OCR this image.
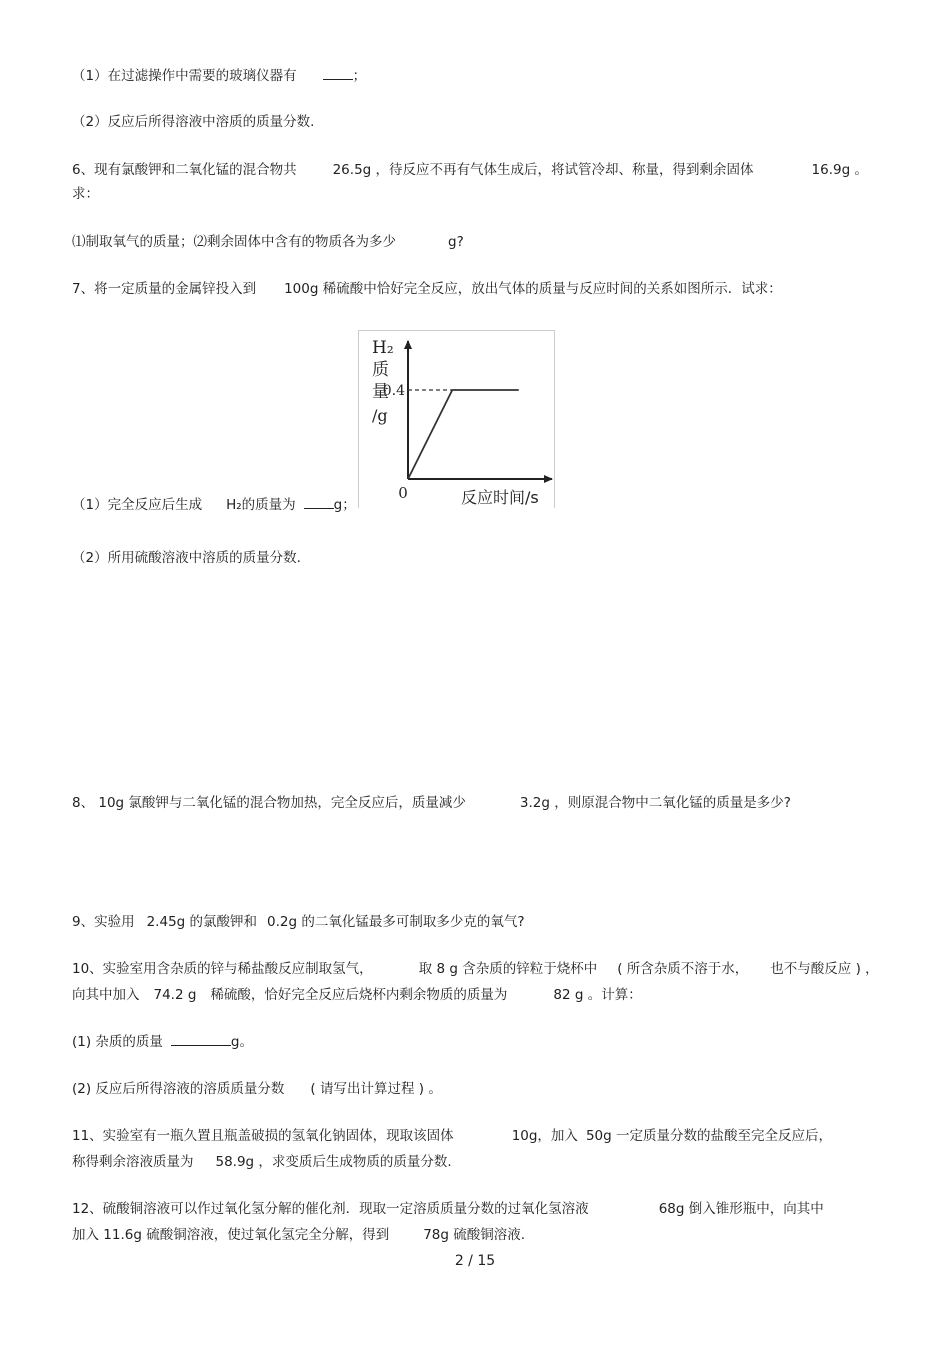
（1）在过滤操作中需要的玻璃仪器有	；
（2）反应后所得溶液中溶质的质量分数.
6、现有氯酸钾和二氧化锰的混合物共	26.5g ，待反应不再有气体生成后，将试管冷却、称量，得到剩余固体	16.9g 。
求：
⑴制取氧气的质量；⑵剩余固体中含有的物质各为多少	g?
7、将一定质量的金属锌投入到 100g 稀硫酸中恰好完全反应，放出气体的质量与反应时间的关系如图所示．试求：
H₂
质
量
/g
0	反应时间/s
0.4
（1）完全反应后生成 H₂的质量为	g；
（2）所用硫酸溶液中溶质的质量分数.
8、 10g 氯酸钾与二氧化锰的混合物加热，完全反应后，质量减少	3.2g ，则原混合物中二氧化锰的质量是多少?
9、实验用 2.45g 的氯酸钾和 0.2g 的二氧化锰最多可制取多少克的氧气?
10、实验室用含杂质的锌与稀盐酸反应制取氢气，	取 8 g 含杂质的锌粒于烧杯中 ( 所含杂质不溶于水， 也不与酸反应 ) ，
向其中加入 74.2 g 稀硫酸，恰好完全反应后烧杯内剩余物质的质量为	82 g 。计算：
(1) 杂质的质量	g。
(2) 反应后所得溶液的溶质质量分数 ( 请写出计算过程 ) 。
11、实验室有一瓶久置且瓶盖破损的氢氧化钠固体，现取该固体	10g，加入 50g 一定质量分数的盐酸至完全反应后，
称得剩余溶液质量为 58.9g ，求变质后生成物质的质量分数.
12、硫酸铜溶液可以作过氧化氢分解的催化剂．现取一定溶质质量分数的过氧化氢溶液	68g 倒入锥形瓶中，向其中
加入 11.6g 硫酸铜溶液，使过氧化氢完全分解，得到	78g 硫酸铜溶液.
2 / 15
